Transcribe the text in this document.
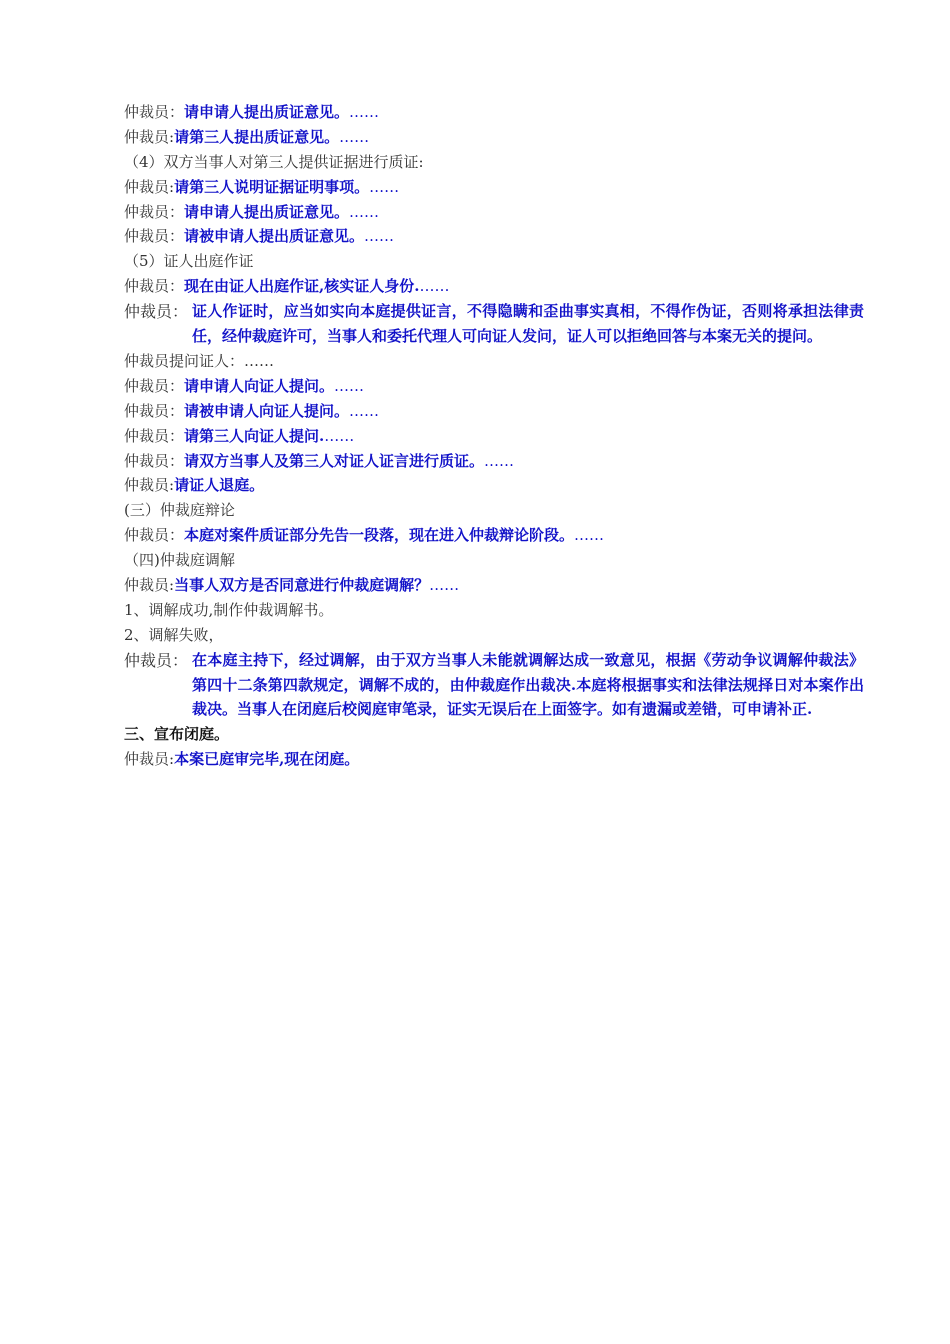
仲裁员：请申请人提出质证意见。……
仲裁员:请第三人提出质证意见。……
（4）双方当事人对第三人提供证据进行质证:
仲裁员:请第三人说明证据证明事项。……
仲裁员：请申请人提出质证意见。……
仲裁员：请被申请人提出质证意见。……
（5）证人出庭作证
仲裁员：现在由证人出庭作证,核实证人身份.……
仲裁员： 证人作证时，应当如实向本庭提供证言，不得隐瞒和歪曲事实真相，不得作伪证，否则将承担法律责任，经仲裁庭许可，当事人和委托代理人可向证人发问，证人可以拒绝回答与本案无关的提问。
仲裁员提问证人：……
仲裁员：请申请人向证人提问。……
仲裁员：请被申请人向证人提问。……
仲裁员：请第三人向证人提问.……
仲裁员：请双方当事人及第三人对证人证言进行质证。……
仲裁员:请证人退庭。
(三）仲裁庭辩论
仲裁员：本庭对案件质证部分先告一段落，现在进入仲裁辩论阶段。……
（四)仲裁庭调解
仲裁员:当事人双方是否同意进行仲裁庭调解？……
1、调解成功,制作仲裁调解书。
2、调解失败，
仲裁员： 在本庭主持下，经过调解，由于双方当事人未能就调解达成一致意见，根据《劳动争议调解仲裁法》第四十二条第四款规定，调解不成的，由仲裁庭作出裁决.本庭将根据事实和法律法规择日对本案作出裁决。当事人在闭庭后校阅庭审笔录，证实无误后在上面签字。如有遗漏或差错，可申请补正.
三、宣布闭庭。
仲裁员:本案已庭审完毕,现在闭庭。
